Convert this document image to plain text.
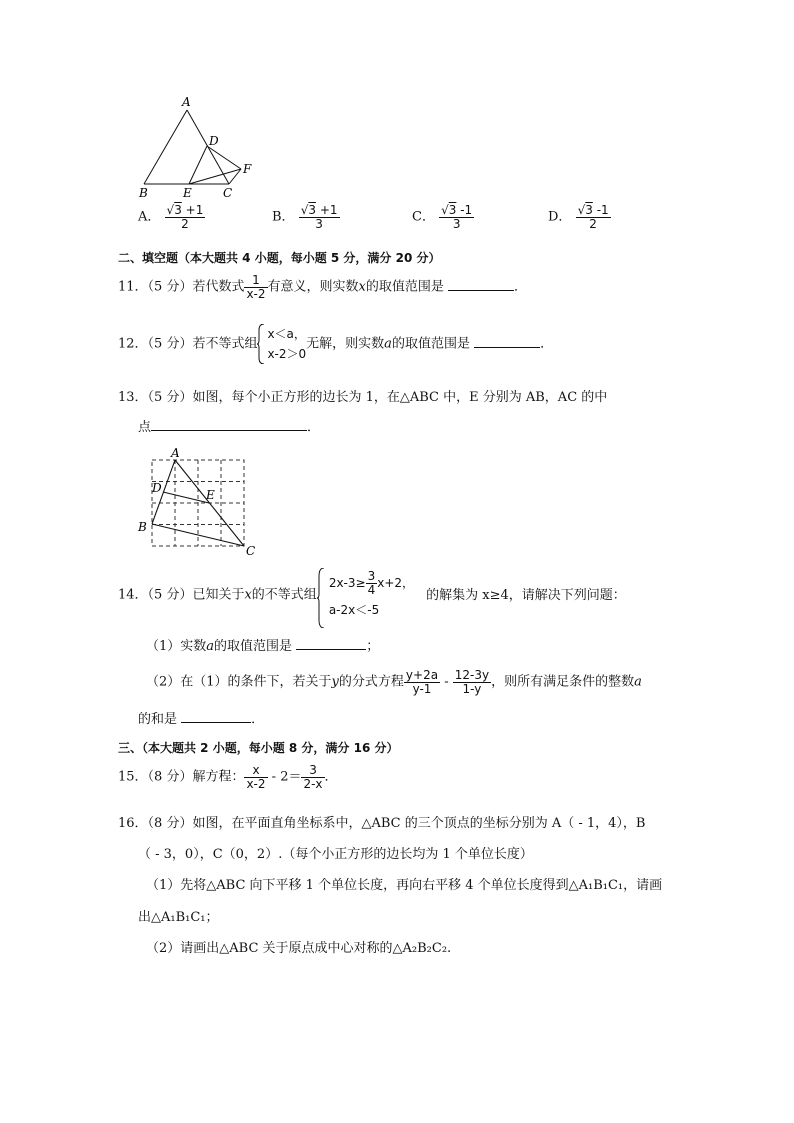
A
D
F
B	E	C
A． $\frac{√3 +1}{2}$	B． $\frac{√3 +1}{3}$	C． $\frac{√3 -1}{3}$	D． $\frac{√3 -1}{2}$
二、填空题（本大题共 4 小题，每小题 5 分，满分 20 分）
11．（5 分）若代数式 $\frac{1}{x-2}$ 有意义，则实数x的取值范围是	．
12．（5 分）若不等式组
x＜a，
x-2＞0
无解，则实数a的取值范围是	．
13．（5 分）如图，每个小正方形的边长为 1，在△ABC 中，E 分别为 AB，AC 的中
点	．
A
D	E
B
C
14．（5 分）已知关于x的不等式组
$2x-3\ge \frac{3}{4} x+2$，
a-2x＜-5
的解集为 x≥4，请解决下列问题：
（1）实数a的取值范围是	；
（2）在（1）的条件下，若关于y的分式方程 $\frac{y+2a}{y-1} - \frac{12-3y}{1-y}$ ，则所有满足条件的整数a
的和是	．
三、（本大题共 2 小题，每小题 8 分，满分 16 分）
15．（8 分）解方程： $\frac{x}{x-2} - 2= \frac{3}{2-x}$ ．
16．（8 分）如图，在平面直角坐标系中，△ABC 的三个顶点的坐标分别为 A（ - 1，4），B
（ - 3，0），C（0，2）.（每个小正方形的边长均为 1 个单位长度）
（1）先将△ABC 向下平移 1 个单位长度，再向右平移 4 个单位长度得到△A₁B₁C₁，请画
出△A₁B₁C₁；
（2）请画出△ABC 关于原点成中心对称的△A₂B₂C₂.
